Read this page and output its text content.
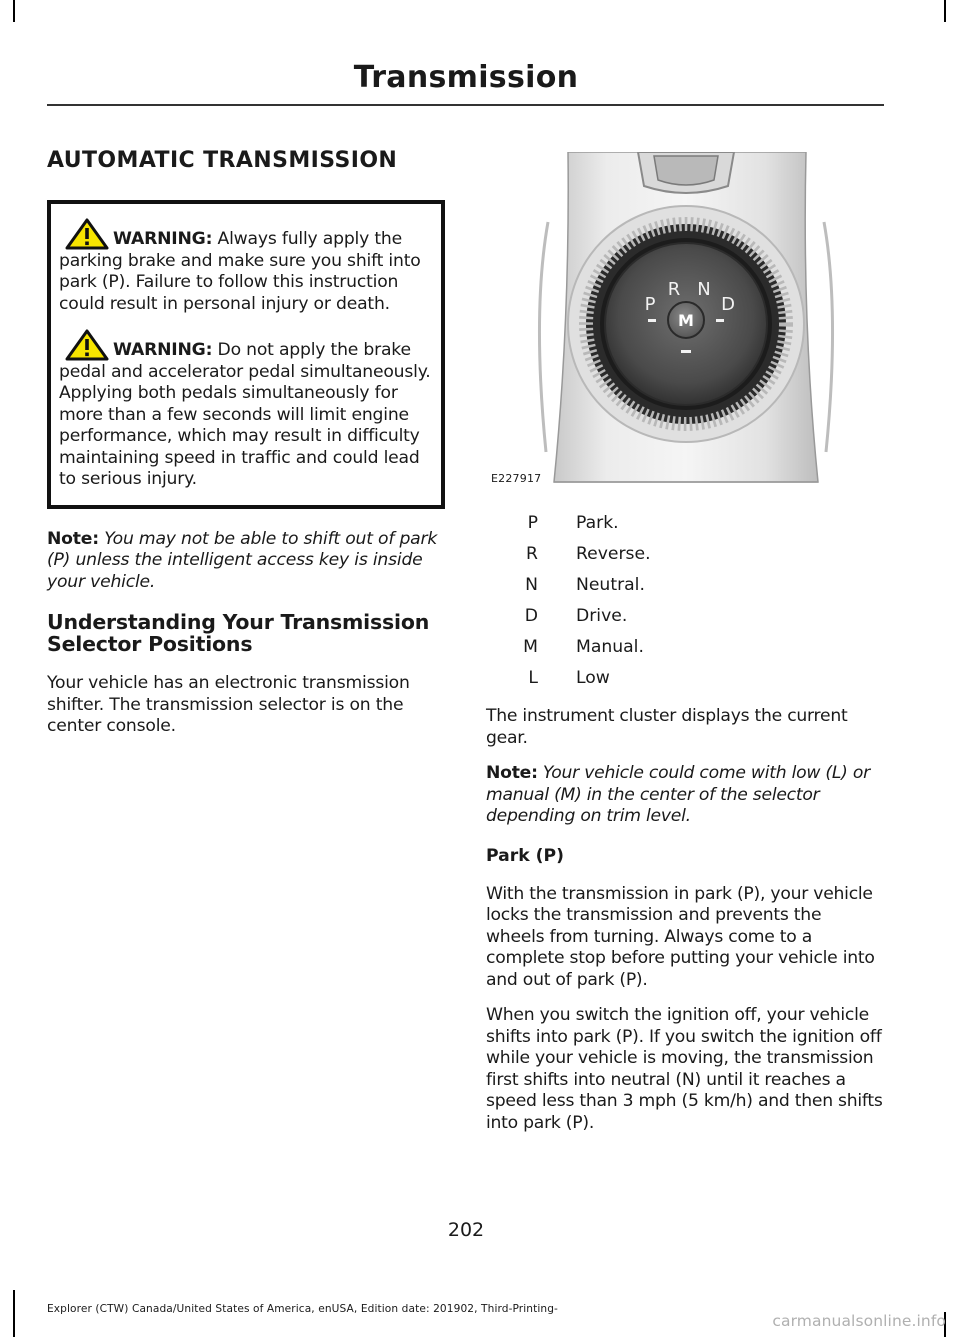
Transmission
AUTOMATIC TRANSMISSION

WARNING: Always fully apply the parking brake and make sure you shift into park (P). Failure to follow this instruction could result in personal injury or death.

WARNING: Do not apply the brake pedal and accelerator pedal simultaneously. Applying both pedals simultaneously for more than a few seconds will limit engine performance, which may result in difficulty maintaining speed in traffic and could lead to serious injury.

Note: You may not be able to shift out of park (P) unless the intelligent access key is inside your vehicle.

Understanding Your Transmission Selector Positions

Your vehicle has an electronic transmission shifter. The transmission selector is on the center console.

M
P
R N
D
E227917
P	Park.
R	Reverse.
N	Neutral.
D	Drive.
M	Manual.
L	Low

The instrument cluster displays the current gear.

Note: Your vehicle could come with low (L) or manual (M) in the center of the selector depending on trim level.

Park (P)

With the transmission in park (P), your vehicle locks the transmission and prevents the wheels from turning. Always come to a complete stop before putting your vehicle into and out of park (P).

When you switch the ignition off, your vehicle shifts into park (P). If you switch the ignition off while your vehicle is moving, the transmission first shifts into neutral (N) until it reaches a speed less than 3 mph (5 km/h) and then shifts into park (P).

202
Explorer (CTW) Canada/United States of America, enUSA, Edition date: 201902, Third-Printing-
carmanualsonline.info
